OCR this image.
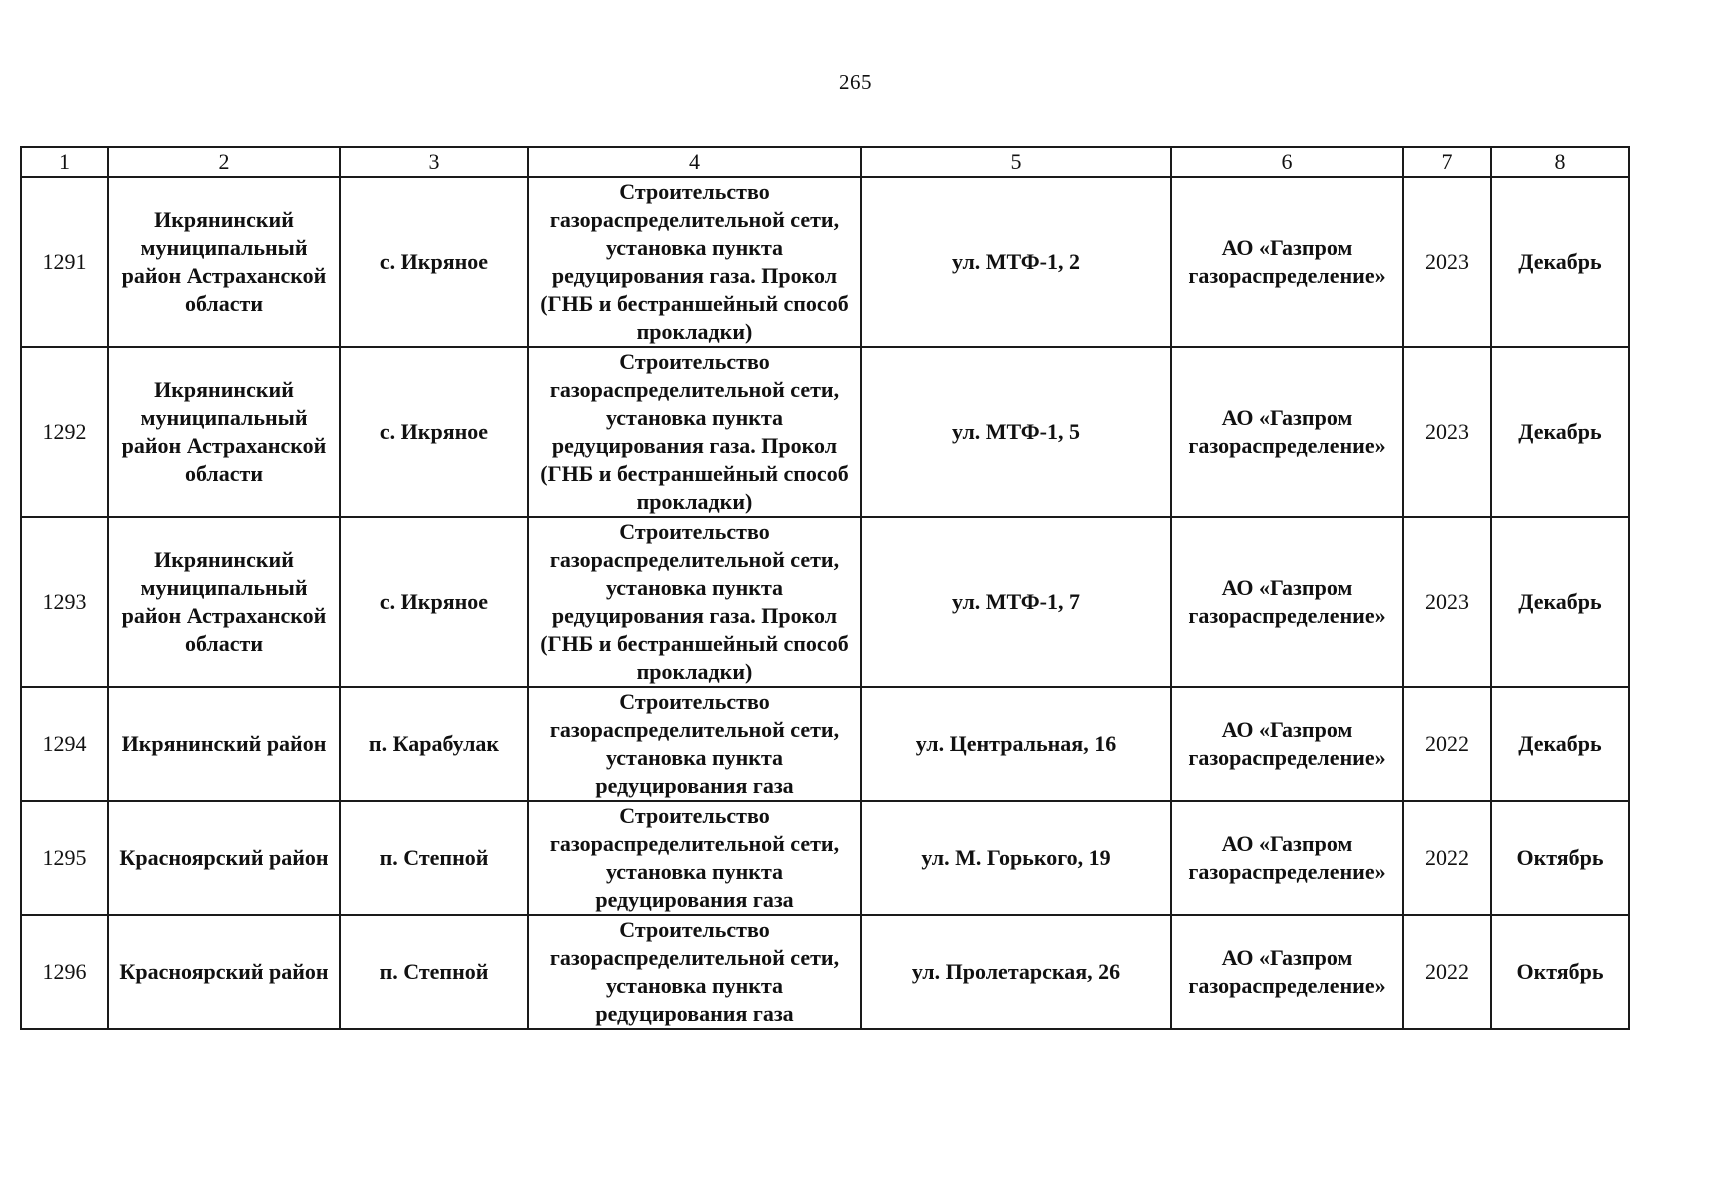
265
1	2	3	4	5	6	7	8
1291	Икрянинский муниципальный район Астраханской области	с. Икряное	Строительство газораспределительной сети, установка пункта редуцирования газа. Прокол (ГНБ и бестраншейный способ прокладки)	ул. МТФ-1, 2	АО «Газпром газораспределение»	2023	Декабрь
1292	Икрянинский муниципальный район Астраханской области	с. Икряное	Строительство газораспределительной сети, установка пункта редуцирования газа. Прокол (ГНБ и бестраншейный способ прокладки)	ул. МТФ-1, 5	АО «Газпром газораспределение»	2023	Декабрь
1293	Икрянинский муниципальный район Астраханской области	с. Икряное	Строительство газораспределительной сети, установка пункта редуцирования газа. Прокол (ГНБ и бестраншейный способ прокладки)	ул. МТФ-1, 7	АО «Газпром газораспределение»	2023	Декабрь
1294	Икрянинский район	п. Карабулак	Строительство газораспределительной сети, установка пункта редуцирования газа	ул. Центральная, 16	АО «Газпром газораспределение»	2022	Декабрь
1295	Красноярский район	п. Степной	Строительство газораспределительной сети, установка пункта редуцирования газа	ул. М. Горького, 19	АО «Газпром газораспределение»	2022	Октябрь
1296	Красноярский район	п. Степной	Строительство газораспределительной сети, установка пункта редуцирования газа	ул. Пролетарская, 26	АО «Газпром газораспределение»	2022	Октябрь
